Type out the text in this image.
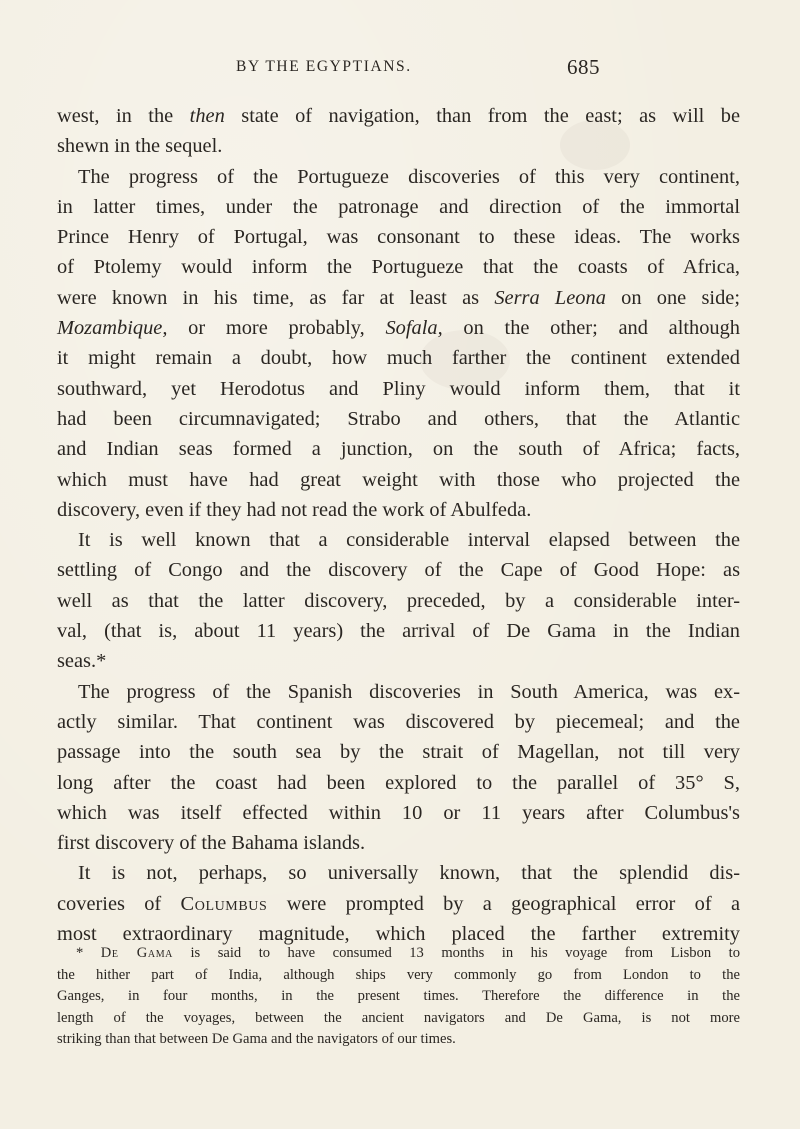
BY THE EGYPTIANS.	685
west, in the then state of navigation, than from the east; as will be
shewn in the sequel.
The progress of the Portugueze discoveries of this very continent,
in latter times, under the patronage and direction of the immortal
Prince Henry of Portugal, was consonant to these ideas. The works
of Ptolemy would inform the Portugueze that the coasts of Africa,
were known in his time, as far at least as Serra Leona on one side;
Mozambique, or more probably, Sofala, on the other; and although
it might remain a doubt, how much farther the continent extended
southward, yet Herodotus and Pliny would inform them, that it
had been circumnavigated; Strabo and others, that the Atlantic
and Indian seas formed a junction, on the south of Africa; facts,
which must have had great weight with those who projected the
discovery, even if they had not read the work of Abulfeda.
It is well known that a considerable interval elapsed between the
settling of Congo and the discovery of the Cape of Good Hope: as
well as that the latter discovery, preceded, by a considerable inter-
val, (that is, about 11 years) the arrival of De Gama in the Indian
seas.*
The progress of the Spanish discoveries in South America, was ex-
actly similar. That continent was discovered by piecemeal; and the
passage into the south sea by the strait of Magellan, not till very
long after the coast had been explored to the parallel of 35° S,
which was itself effected within 10 or 11 years after Columbus's
first discovery of the Bahama islands.
It is not, perhaps, so universally known, that the splendid dis-
coveries of Columbus were prompted by a geographical error of a
most extraordinary magnitude, which placed the farther extremity
* De Gama is said to have consumed 13 months in his voyage from Lisbon to
the hither part of India, although ships very commonly go from London to the
Ganges, in four months, in the present times. Therefore the difference in the
length of the voyages, between the ancient navigators and De Gama, is not more
striking than that between De Gama and the navigators of our times.
